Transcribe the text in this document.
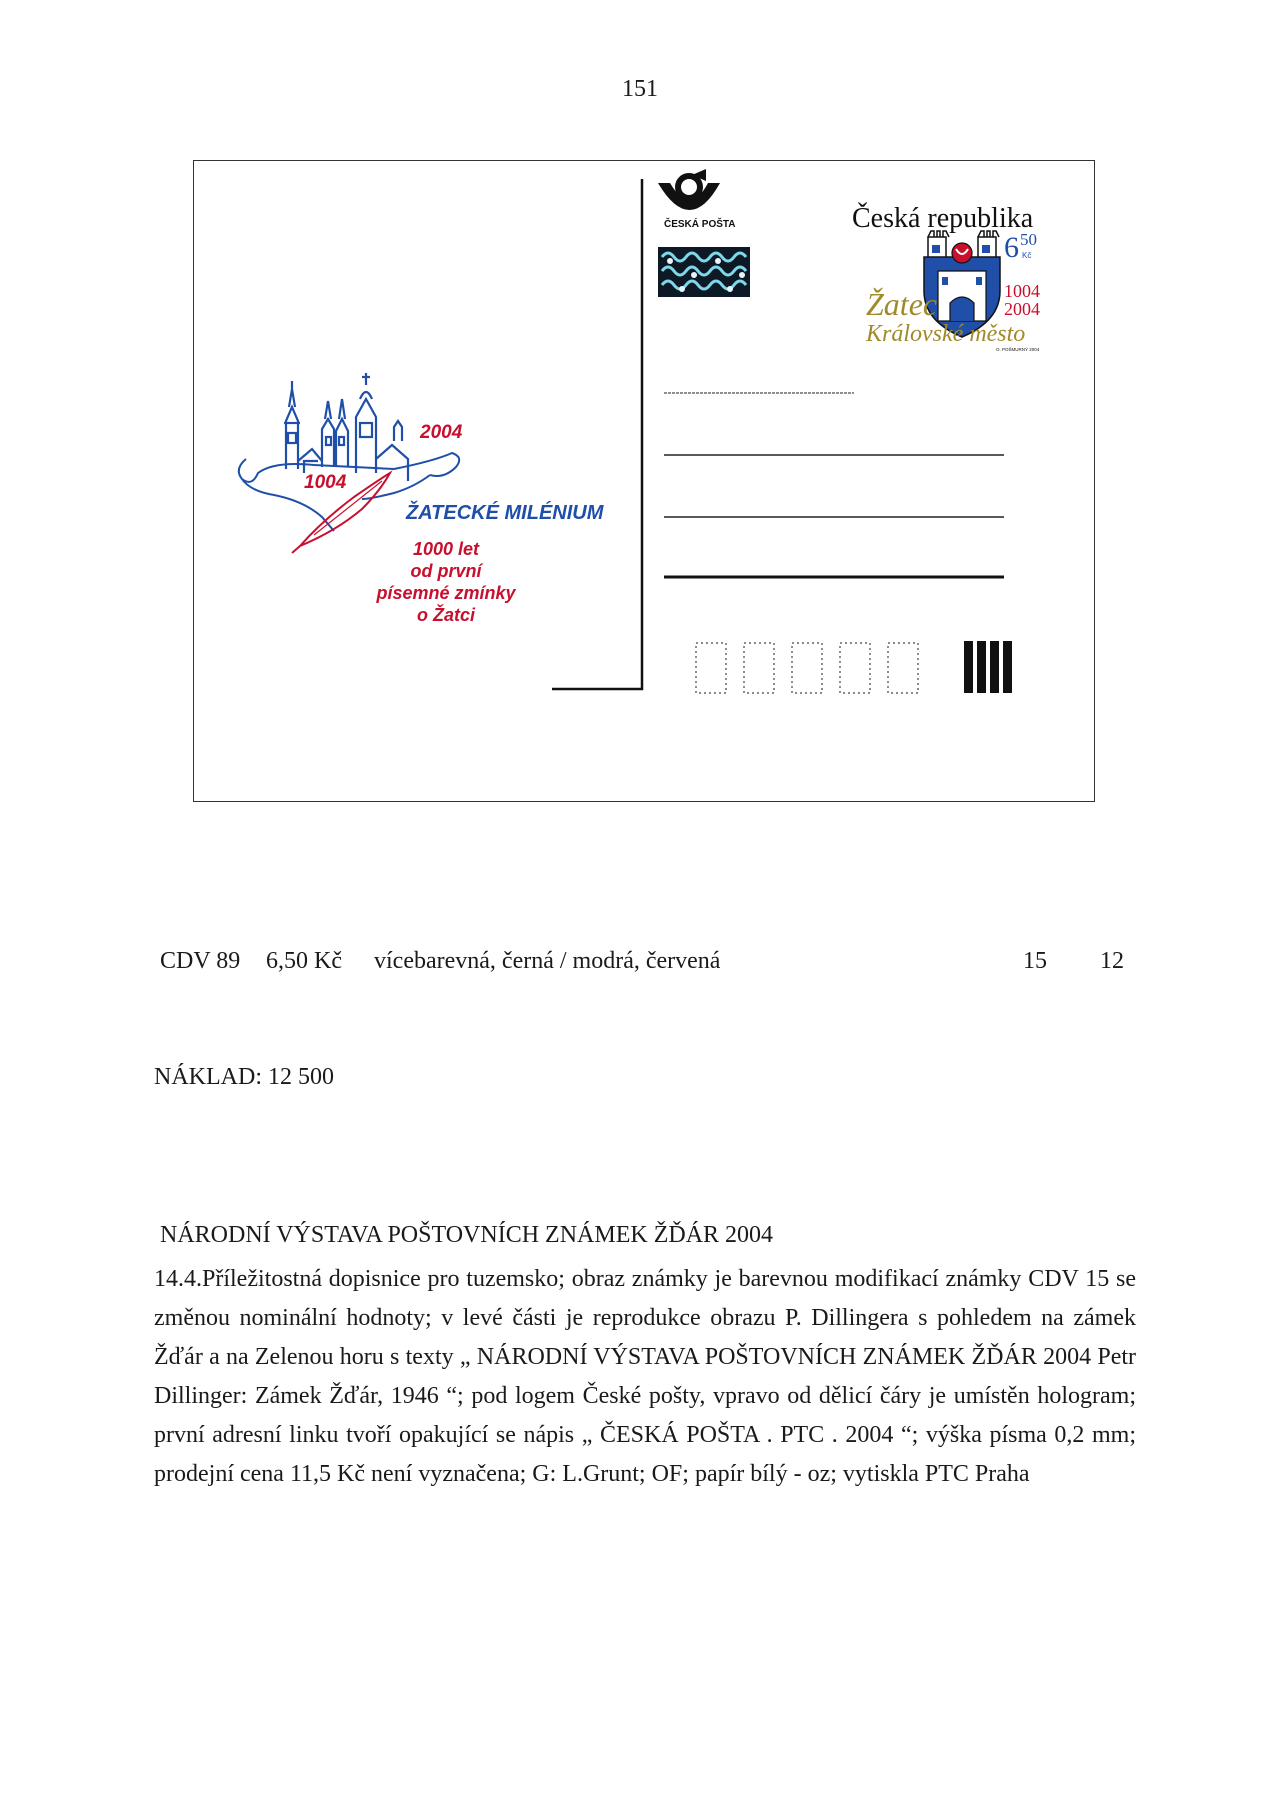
151
2004
1004
ŽATECKÉ MILÉNIUM
1000 let
od první
písemné zmínky
o Žatci
ČESKÁ POŠTA	Česká republika
6 50
Kč
1004
2004
Žatec
Královské město
O. POŠMURNÝ 2004
CDV 89 6,50 Kč vícebarevná, černá / modrá, červená	15 12
NÁKLAD: 12 500
NÁRODNÍ VÝSTAVA POŠTOVNÍCH ZNÁMEK ŽĎÁR 2004

14.4.Příležitostná dopisnice pro tuzemsko; obraz známky je barevnou modifikací známky CDV 15 se změnou nominální hodnoty; v levé části je reprodukce obrazu P. Dillingera s pohledem na zámek Žďár a na Zelenou horu s texty „ NÁRODNÍ VÝSTAVA POŠTOVNÍCH ZNÁMEK ŽĎÁR 2004 Petr Dillinger: Zámek Žďár, 1946 “; pod logem České pošty, vpravo od dělicí čáry je umístěn hologram; první adresní linku tvoří opakující se nápis „ ČESKÁ POŠTA . PTC . 2004 “; výška písma 0,2 mm; prodejní cena 11,5 Kč není vyznačena; G: L.Grunt; OF; papír bílý - oz; vytiskla PTC Praha
